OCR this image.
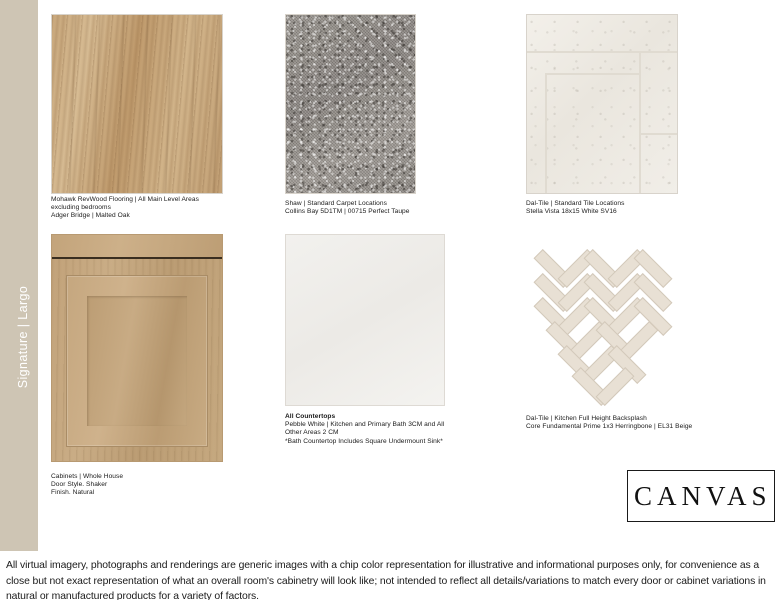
Signature | Largo
Mohawk RevWood Flooring | All Main Level Areas
excluding bedrooms
Adger Bridge | Malted Oak
Shaw | Standard Carpet Locations
Collins Bay 5D1TM | 00715 Perfect Taupe
Dal-Tile | Standard Tile Locations
Stella Vista 18x15 White SV16
Cabinets | Whole House
Door Style. Shaker
Finish. Natural
All Countertops
Pebble White | Kitchen and Primary Bath 3CM and All
Other Areas 2 CM
*Bath Countertop Includes Square Undermount Sink*
Dal-Tile | Kitchen Full Height Backsplash
Core Fundamental Prime 1x3 Herringbone | EL31 Beige
CANVAS
All virtual imagery, photographs and renderings are generic images with a chip color representation for illustrative and informational purposes only, for convenience as a close but not exact representation of what an overall room's cabinetry will look like; not intended to reflect all details/variations to match every door or cabinet variations in natural or manufactured products for a variety of factors.
